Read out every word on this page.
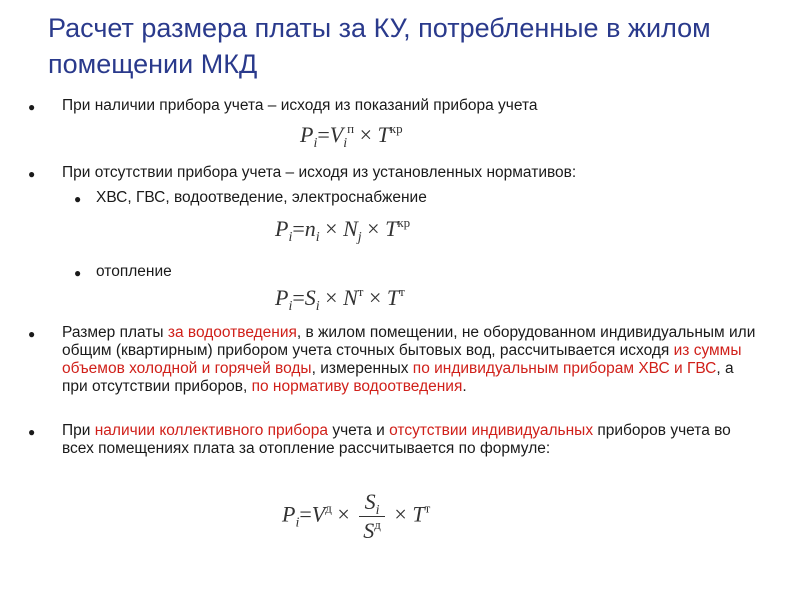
Расчет размера платы за КУ, потребленные в жилом помещении МКД
● При наличии прибора учета – исходя из показаний прибора учета
$P_i=V_i^п \times T^{кр}$
● При отсутствии прибора учета – исходя из установленных нормативов:
● ХВС, ГВС, водоотведение, электроснабжение
$P_i=n_i \times N_j \times T^{кр}$
● отопление
$P_i=S_i \times N^т \times T^т$
● Размер платы за водоотведения, в жилом помещении, не оборудованном индивидуальным или общим (квартирным) прибором учета сточных бытовых вод, рассчитывается исходя из суммы объемов холодной и горячей воды, измеренных по индивидуальным приборам ХВС и ГВС, а при отсутствии приборов, по нормативу водоотведения.
● При наличии коллективного прибора учета и отсутствии индивидуальных приборов учета во всех помещениях плата за отопление рассчитывается по формуле:
$P_i=V^д \times \frac{S_i}{S^д} \times T^т$
